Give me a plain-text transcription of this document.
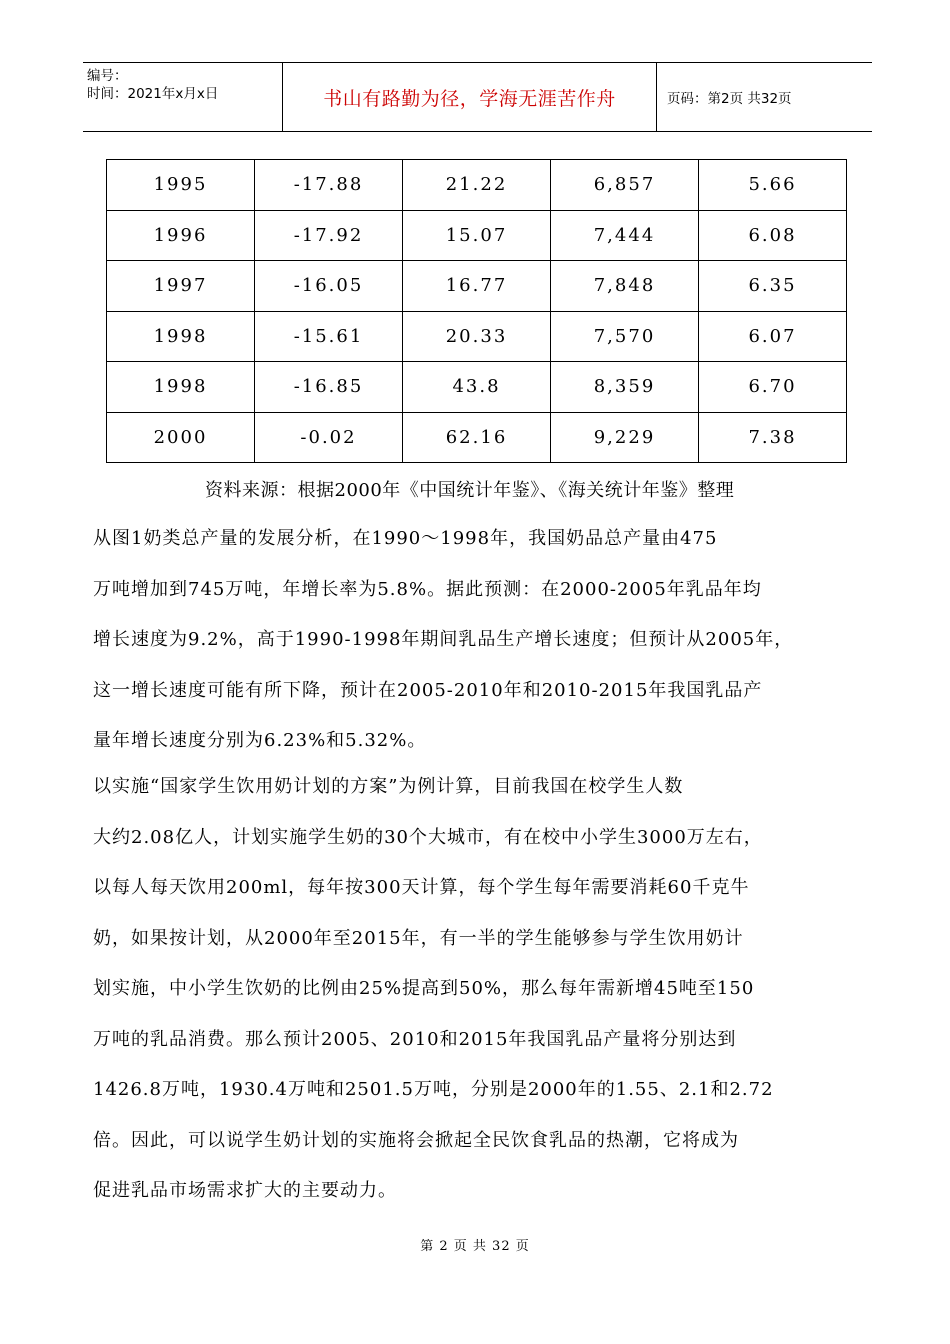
编号：
时间：2021年x月x日	书山有路勤为径，学海无涯苦作舟	页码：第2页 共32页
1995	-17.88	21.22	6,857	5.66
1996	-17.92	15.07	7,444	6.08
1997	-16.05	16.77	7,848	6.35
1998	-15.61	20.33	7,570	6.07
1998	-16.85	43.8	8,359	6.70
2000	-0.02	62.16	9,229	7.38
资料来源：根据2000年《中国统计年鉴》、《海关统计年鉴》整理
从图1奶类总产量的发展分析，在1990～1998年，我国奶品总产量由475
万吨增加到745万吨，年增长率为5.8%。据此预测：在2000-2005年乳品年均
增长速度为9.2%，高于1990-1998年期间乳品生产增长速度；但预计从2005年，
这一增长速度可能有所下降，预计在2005-2010年和2010-2015年我国乳品产
量年增长速度分别为6.23%和5.32%。
以实施“国家学生饮用奶计划的方案”为例计算，目前我国在校学生人数
大约2.08亿人，计划实施学生奶的30个大城市，有在校中小学生3000万左右，
以每人每天饮用200ml，每年按300天计算，每个学生每年需要消耗60千克牛
奶，如果按计划，从2000年至2015年，有一半的学生能够参与学生饮用奶计
划实施，中小学生饮奶的比例由25%提高到50%，那么每年需新增45吨至150
万吨的乳品消费。那么预计2005、2010和2015年我国乳品产量将分别达到
1426.8万吨，1930.4万吨和2501.5万吨，分别是2000年的1.55、2.1和2.72
倍。因此，可以说学生奶计划的实施将会掀起全民饮食乳品的热潮，它将成为
促进乳品市场需求扩大的主要动力。
第 2 页 共 32 页
